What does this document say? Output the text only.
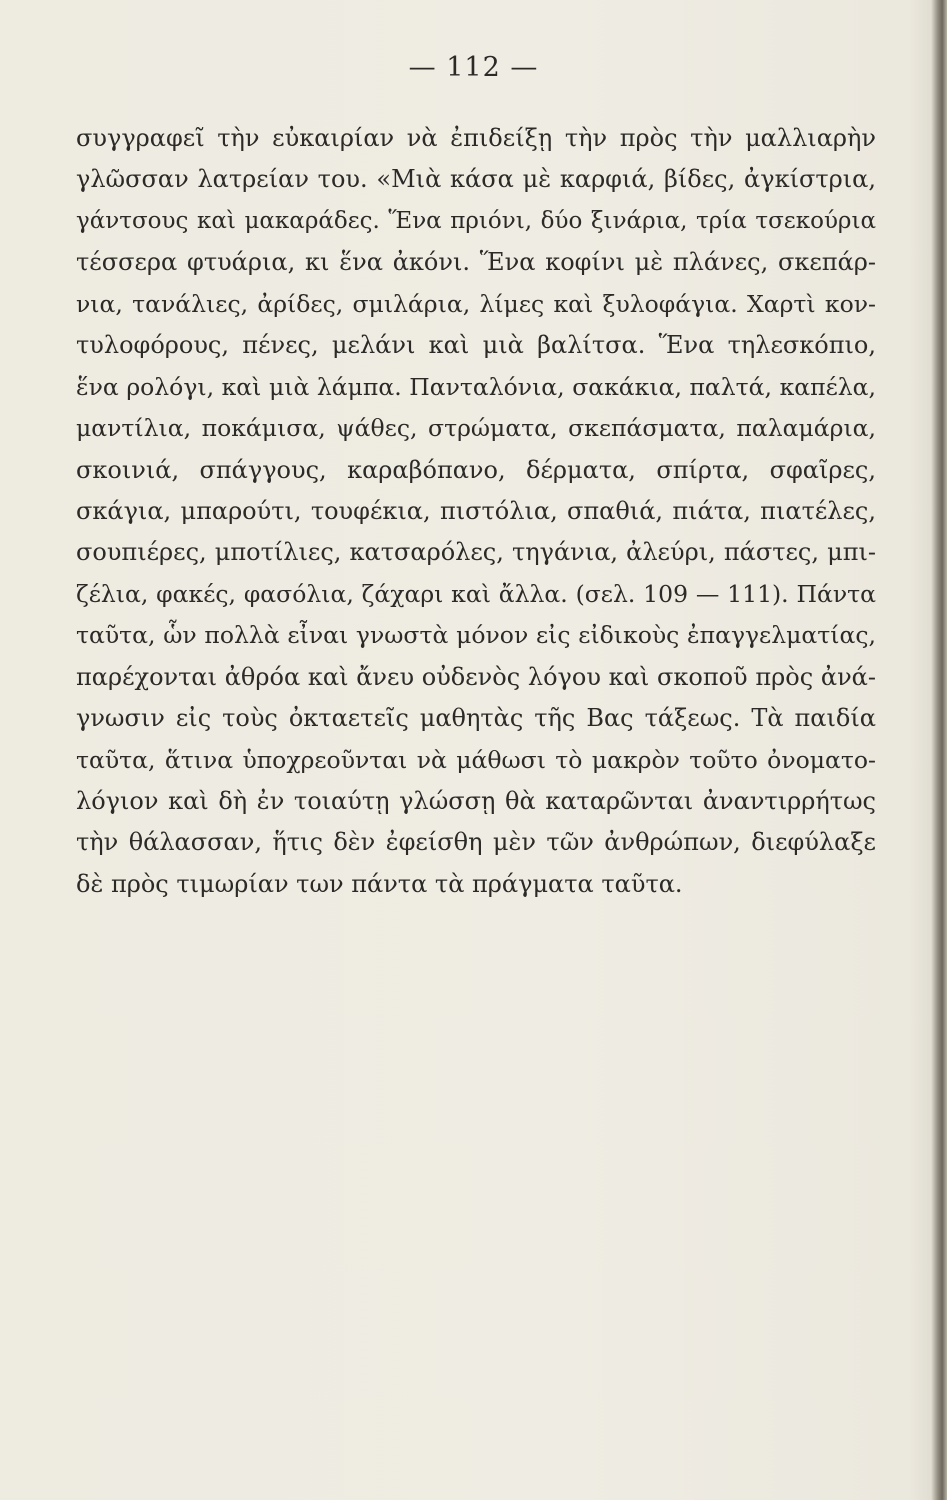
— 112 —
συγγραφεῖ τὴν εὐκαιρίαν νὰ ἐπιδείξῃ τὴν πρὸς τὴν μαλλιαρὴν
γλῶσσαν λατρείαν του. «Μιὰ κάσα μὲ καρφιά, βίδες, ἀγκίστρια,
γάντσους καὶ μακαράδες. Ἕνα πριόνι, δύο ξινάρια, τρία τσεκούρια
τέσσερα φτυάρια, κι ἕνα ἀκόνι. Ἕνα κοφίνι μὲ πλάνες, σκεπάρ-
νια, τανάλιες, ἀρίδες, σμιλάρια, λίμες καὶ ξυλοφάγια. Χαρτὶ κον-
τυλοφόρους, πένες, μελάνι καὶ μιὰ βαλίτσα. Ἕνα τηλεσκόπιο,
ἕνα ρολόγι, καὶ μιὰ λάμπα. Πανταλόνια, σακάκια, παλτά, καπέλα,
μαντίλια, ποκάμισα, ψάθες, στρώματα, σκεπάσματα, παλαμάρια,
σκοινιά, σπάγγους, καραβόπανο, δέρματα, σπίρτα, σφαῖρες,
σκάγια, μπαρούτι, τουφέκια, πιστόλια, σπαθιά, πιάτα, πιατέλες,
σουπιέρες, μποτίλιες, κατσαρόλες, τηγάνια, ἀλεύρι, πάστες, μπι-
ζέλια, φακές, φασόλια, ζάχαρι καὶ ἄλλα. (σελ. 109 — 111). Πάντα
ταῦτα, ὧν πολλὰ εἶναι γνωστὰ μόνον εἰς εἰδικοὺς ἐπαγγελματίας,
παρέχονται ἀθρόα καὶ ἄνευ οὐδενὸς λόγου καὶ σκοποῦ πρὸς ἀνά-
γνωσιν εἰς τοὺς ὀκταετεῖς μαθητὰς τῆς Βας τάξεως. Τὰ παιδία
ταῦτα, ἅτινα ὑποχρεοῦνται νὰ μάθωσι τὸ μακρὸν τοῦτο ὀνοματο-
λόγιον καὶ δὴ ἐν τοιαύτῃ γλώσσῃ θὰ καταρῶνται ἀναντιρρήτως
τὴν θάλασσαν, ἥτις δὲν ἐφείσθη μὲν τῶν ἀνθρώπων, διεφύλαξε
δὲ πρὸς τιμωρίαν των πάντα τὰ πράγματα ταῦτα.
